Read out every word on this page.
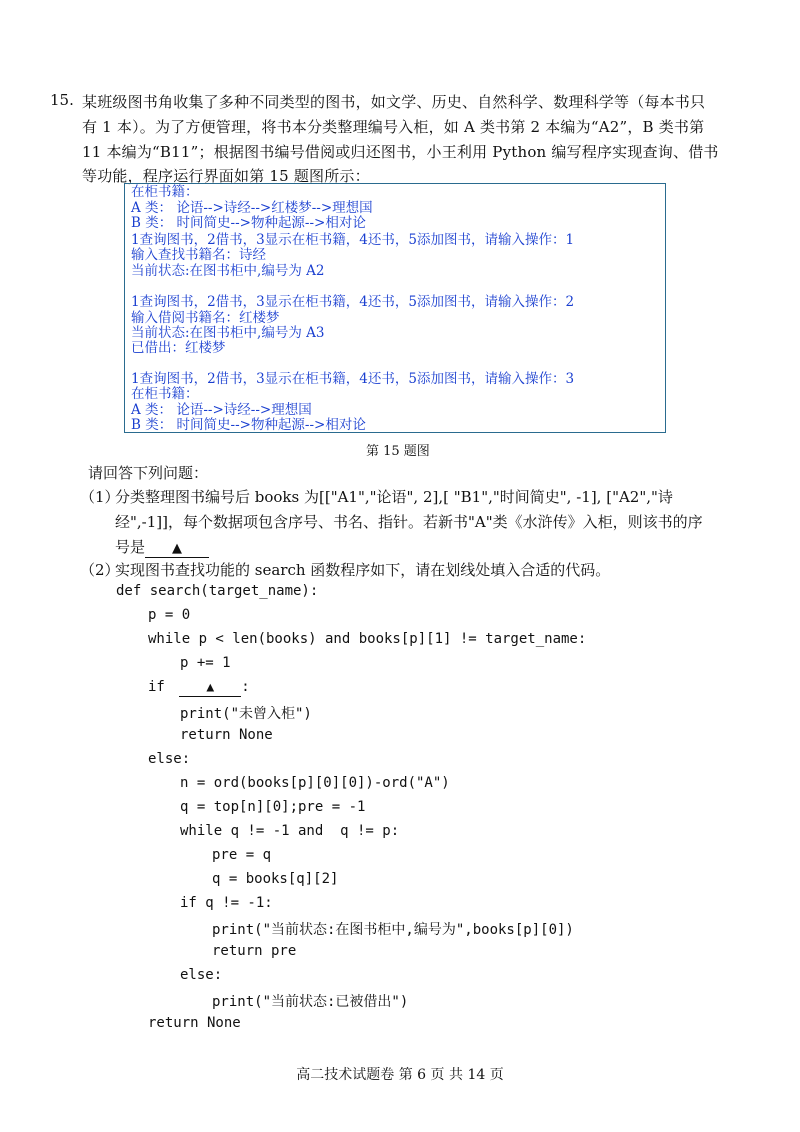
15. 某班级图书角收集了多种不同类型的图书，如文学、历史、自然科学、数理科学等（每本书只
有 1 本）。为了方便管理，将书本分类整理编号入柜，如 A 类书第 2 本编为“A2”，B 类书第
11 本编为“B11”；根据图书编号借阅或归还图书，小王利用 Python 编写程序实现查询、借书
等功能，程序运行界面如第 15 题图所示：
在柜书籍：
A 类： 论语-->诗经-->红楼梦-->理想国
B 类： 时间简史-->物种起源-->相对论
1查询图书，2借书，3显示在柜书籍，4还书，5添加图书，请输入操作：1
输入查找书籍名：诗经
当前状态:在图书柜中,编号为 A2
1查询图书，2借书，3显示在柜书籍，4还书，5添加图书，请输入操作：2
输入借阅书籍名：红楼梦
当前状态:在图书柜中,编号为 A3
已借出：红楼梦
1查询图书，2借书，3显示在柜书籍，4还书，5添加图书，请输入操作：3
在柜书籍：
A 类： 论语-->诗经-->理想国
B 类： 时间简史-->物种起源-->相对论
第 15 题图
请回答下列问题：
（1）
分类整理图书编号后 books 为[["A1","论语", 2],[ "B1","时间简史", -1], ["A2","诗
经",-1]]，每个数据项包含序号、书名、指针。若新书"A"类《水浒传》入柜，则该书的序
号是 ▲
（2）
实现图书查找功能的 search 函数程序如下，请在划线处填入合适的代码。
def search(target_name):
p = 0
while p < len(books) and books[p][1] != target_name:
p += 1
if	▲ :
print("未曾入柜")
return None
else:
n = ord(books[p][0][0])-ord("A")
q = top[n][0];pre = -1
while q != -1 and  q != p:
pre = q
q = books[q][2]
if q != -1:
print("当前状态:在图书柜中,编号为",books[p][0])
return pre
else:
print("当前状态:已被借出")
return None
高二技术试题卷 第 6 页 共 14 页
